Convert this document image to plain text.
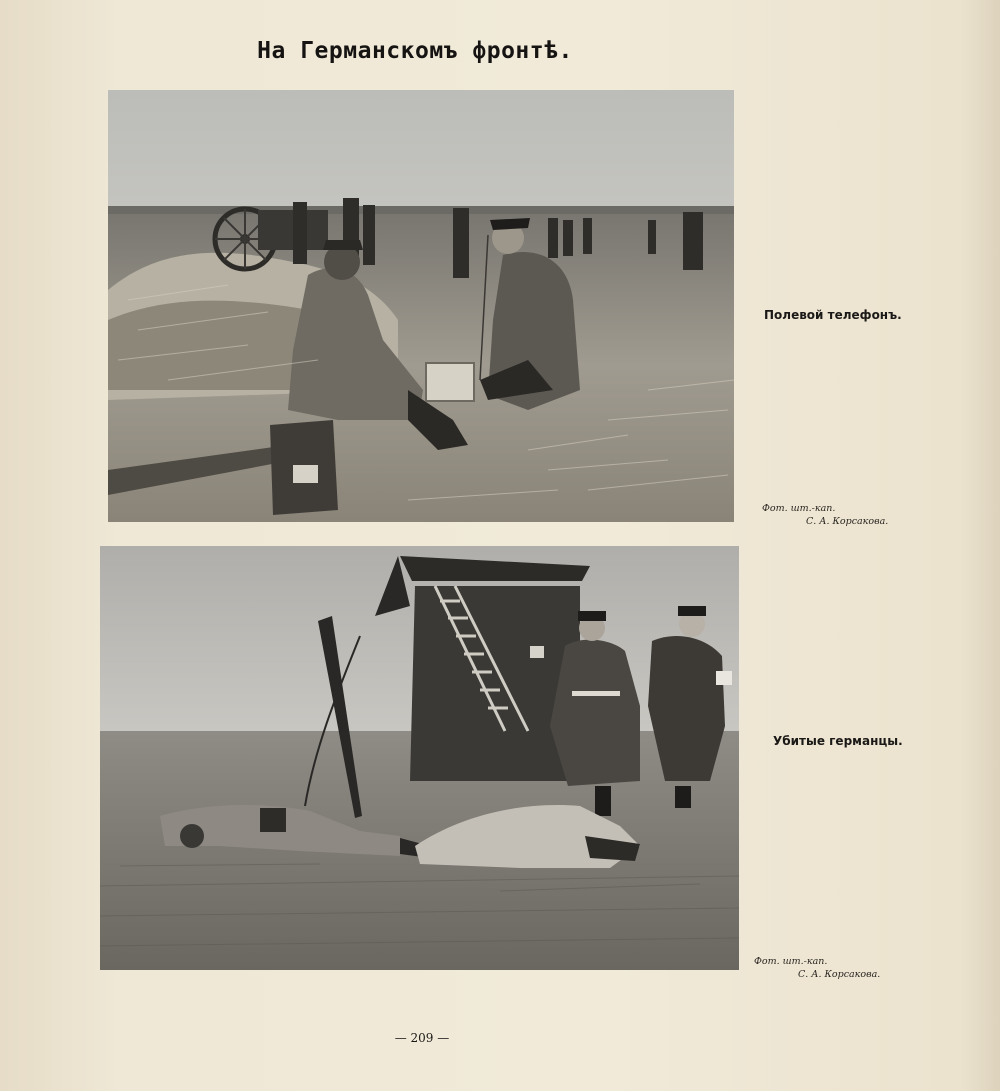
На Германскомъ фронтѣ.
Полевой телефонъ.
Фот. шт.-кап.
С. А. Корсакова.
Убитые германцы.
Фот. шт.-кап.
С. А. Корсакова.
— 209 —
